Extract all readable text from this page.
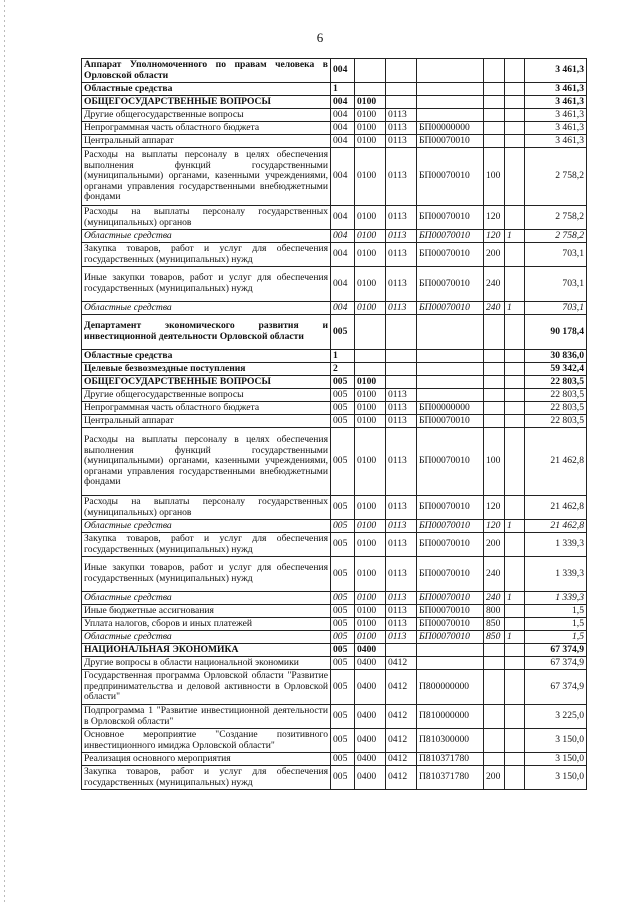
6
Аппарат Уполномоченного по правам человека в Орловской области	004						3 461,3
Областные средства	1						3 461,3
ОБЩЕГОСУДАРСТВЕННЫЕ ВОПРОСЫ	004	0100					3 461,3
Другие общегосударственные вопросы	004	0100	0113				3 461,3
Непрограммная часть областного бюджета	004	0100	0113	БП00000000			3 461,3
Центральный аппарат	004	0100	0113	БП00070010			3 461,3
Расходы на выплаты персоналу в целях обеспечения выполнения функций государственными (муниципальными) органами, казенными учреждениями, органами управления государственными внебюджетными фондами	004	0100	0113	БП00070010	100		2 758,2
Расходы на выплаты персоналу государственных (муниципальных) органов	004	0100	0113	БП00070010	120		2 758,2
Областные средства	004	0100	0113	БП00070010	120	1	2 758,2
Закупка товаров, работ и услуг для обеспечения государственных (муниципальных) нужд	004	0100	0113	БП00070010	200		703,1
Иные закупки товаров, работ и услуг для обеспечения государственных (муниципальных) нужд	004	0100	0113	БП00070010	240		703,1
Областные средства	004	0100	0113	БП00070010	240	1	703,1
Департамент экономического развития и инвестиционной деятельности Орловской области	005						90 178,4
Областные средства	1						30 836,0
Целевые безвозмездные поступления	2						59 342,4
ОБЩЕГОСУДАРСТВЕННЫЕ ВОПРОСЫ	005	0100					22 803,5
Другие общегосударственные вопросы	005	0100	0113				22 803,5
Непрограммная часть областного бюджета	005	0100	0113	БП00000000			22 803,5
Центральный аппарат	005	0100	0113	БП00070010			22 803,5
Расходы на выплаты персоналу в целях обеспечения выполнения функций государственными (муниципальными) органами, казенными учреждениями, органами управления государственными внебюджетными фондами	005	0100	0113	БП00070010	100		21 462,8
Расходы на выплаты персоналу государственных (муниципальных) органов	005	0100	0113	БП00070010	120		21 462,8
Областные средства	005	0100	0113	БП00070010	120	1	21 462,8
Закупка товаров, работ и услуг для обеспечения государственных (муниципальных) нужд	005	0100	0113	БП00070010	200		1 339,3
Иные закупки товаров, работ и услуг для обеспечения государственных (муниципальных) нужд	005	0100	0113	БП00070010	240		1 339,3
Областные средства	005	0100	0113	БП00070010	240	1	1 339,3
Иные бюджетные ассигнования	005	0100	0113	БП00070010	800		1,5
Уплата налогов, сборов и иных платежей	005	0100	0113	БП00070010	850		1,5
Областные средства	005	0100	0113	БП00070010	850	1	1,5
НАЦИОНАЛЬНАЯ ЭКОНОМИКА	005	0400					67 374,9
Другие вопросы в области национальной экономики	005	0400	0412				67 374,9
Государственная программа Орловской области "Развитие предпринимательства и деловой активности в Орловской области"	005	0400	0412	П800000000			67 374,9
Подпрограмма 1 "Развитие инвестиционной деятельности в Орловской области"	005	0400	0412	П810000000			3 225,0
Основное мероприятие "Создание позитивного инвестиционного имиджа Орловской области"	005	0400	0412	П810300000			3 150,0
Реализация основного мероприятия	005	0400	0412	П810371780			3 150,0
Закупка товаров, работ и услуг для обеспечения государственных (муниципальных) нужд	005	0400	0412	П810371780	200		3 150,0
